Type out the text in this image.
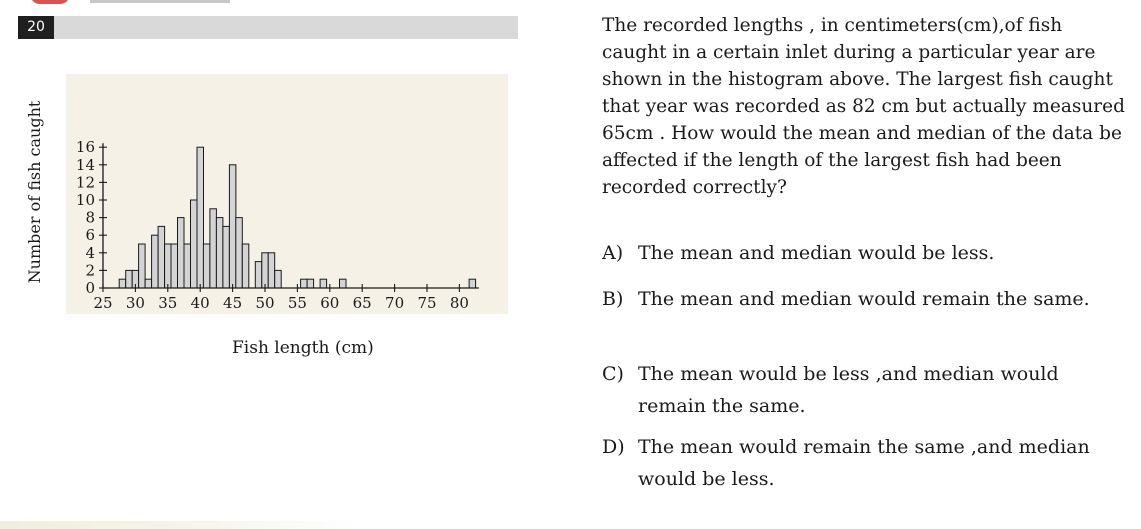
20
0
2
4
6
8
10
12
14
16
25 30 35 40 45 50 55 60 65 70 75 80
Number of fish caught
Fish length (cm)
The recorded lengths , in centimeters(cm),of fish caught in a certain inlet during a particular year are shown in the histogram above. The largest fish caught that year was recorded as 82 cm but actually measured 65cm . How would the mean and median of the data be affected if the length of the largest fish had been recorded correctly?
A) The mean and median would be less.
B) The mean and median would remain the same.
C) The mean would be less ,and median would remain the same.
D) The mean would remain the same ,and median would be less.
